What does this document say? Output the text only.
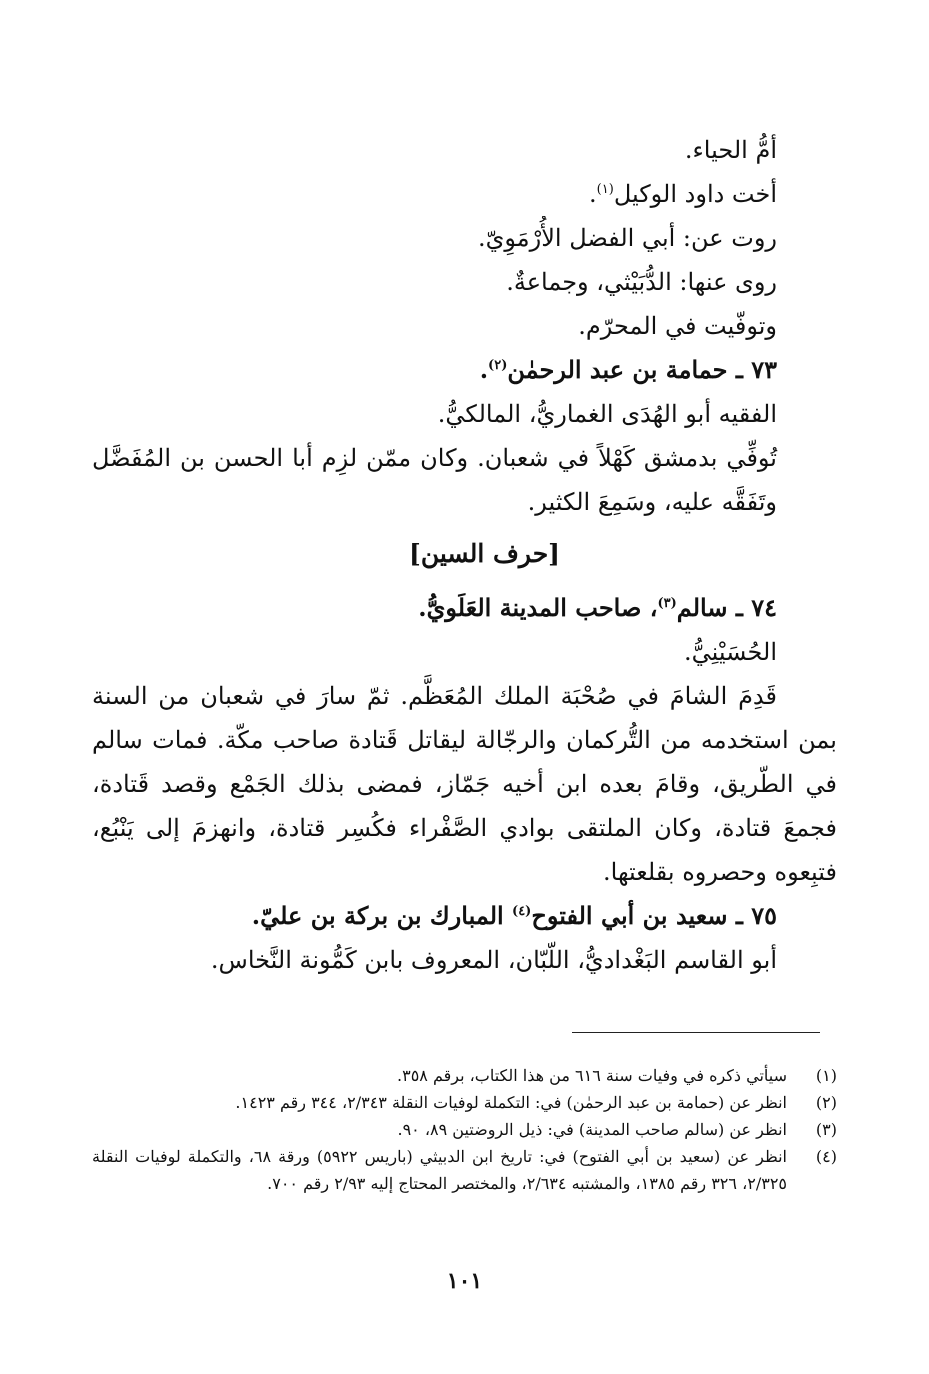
أمُّ الحياء.
أخت داود الوكيل$^{(١)}$.
روت عن: أبي الفضل الأُرْمَوِيّ.
روى عنها: الدُّبَيْثي، وجماعةٌ.
وتوفّيت في المحرّم.
٧٣ ـ حمامة بن عبد الرحمٰن$^{(٢)}$.
الفقيه أبو الهُدَى الغماريُّ، المالكيُّ.
تُوفِّي بدمشق كَهْلاً في شعبان. وكان ممّن لزِم أبا الحسن بن المُفَضَّل وتَفَقَّه عليه، وسَمِعَ الكثير.
[حرف السين]
٧٤ ـ سالم$^{(٣)}$، صاحب المدينة العَلَويُّ.
الحُسَيْنِيُّ.
قَدِمَ الشامَ في صُحْبَة الملك المُعَظَّم. ثمّ سارَ في شعبان من السنة بمن استخدمه من التُّركمان والرجّالة ليقاتل قَتادة صاحب مكّة. فمات سالم في الطّريق، وقامَ بعده ابن أخيه جَمّاز، فمضى بذلك الجَمْع وقصد قَتادة، فجمعَ قتادة، وكان الملتقى بوادي الصَّفْراء فكُسِر قتادة، وانهزمَ إلى يَنْبُع، فتبِعوه وحصروه بقلعتها.
٧٥ ـ سعيد بن أبي الفتوح$^{(٤)}$ المبارك بن بركة بن عليّ.
أبو القاسم البَغْداديُّ، اللّبّان، المعروف بابن كَمُّونة النَّخاس.
(١)
سيأتي ذكره في وفيات سنة ٦١٦ من هذا الكتاب، برقم ٣٥٨.
(٢)
انظر عن (حمامة بن عبد الرحمٰن) في: التكملة لوفيات النقلة ٢/٣٤٣، ٣٤٤ رقم ١٤٢٣.
(٣)
انظر عن (سالم صاحب المدينة) في: ذيل الروضتين ٨٩، ٩٠.
(٤)
انظر عن (سعيد بن أبي الفتوح) في: تاريخ ابن الدبيثي (باريس ٥٩٢٢) ورقة ٦٨، والتكملة لوفيات النقلة ٢/٣٢٥، ٣٢٦ رقم ١٣٨٥، والمشتبه ٢/٦٣٤، والمختصر المحتاج إليه ٢/٩٣ رقم ٧٠٠.
١٠١
